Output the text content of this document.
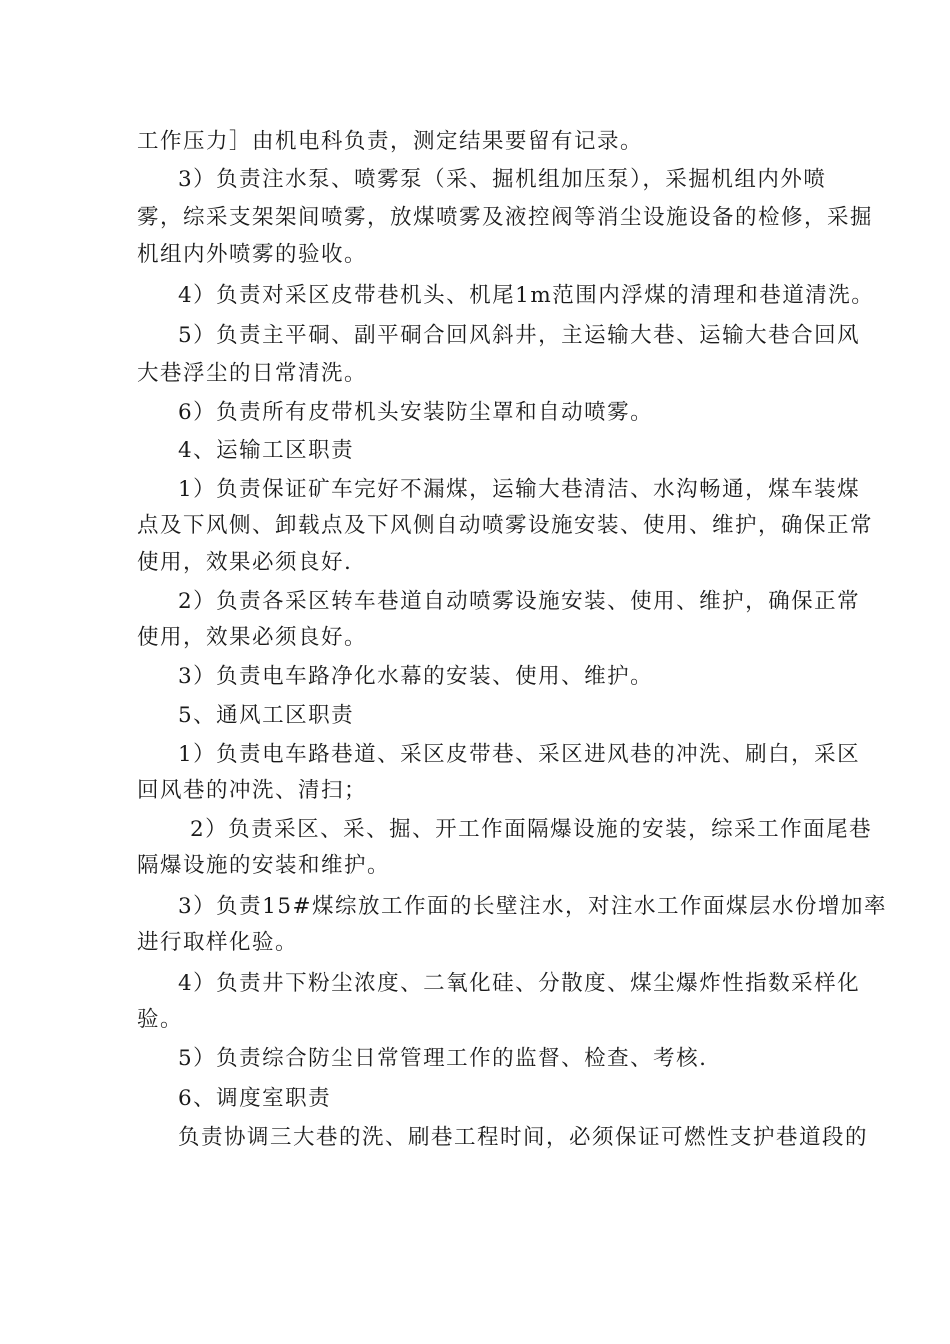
工作压力］由机电科负责，测定结果要留有记录。
3）负责注水泵、喷雾泵（采、掘机组加压泵），采掘机组内外喷
雾，综采支架架间喷雾，放煤喷雾及液控阀等消尘设施设备的检修，采掘
机组内外喷雾的验收。
4）负责对采区皮带巷机头、机尾1m范围内浮煤的清理和巷道清洗。
5）负责主平硐、副平硐合回风斜井，主运输大巷、运输大巷合回风
大巷浮尘的日常清洗。
6）负责所有皮带机头安装防尘罩和自动喷雾。
4、运输工区职责
1）负责保证矿车完好不漏煤，运输大巷清洁、水沟畅通，煤车装煤
点及下风侧、卸载点及下风侧自动喷雾设施安装、使用、维护，确保正常
使用，效果必须良好.
2）负责各采区转车巷道自动喷雾设施安装、使用、维护，确保正常
使用，效果必须良好。
3）负责电车路净化水幕的安装、使用、维护。
5、通风工区职责
1）负责电车路巷道、采区皮带巷、采区进风巷的冲洗、刷白，采区
回风巷的冲洗、清扫；
2）负责采区、采、掘、开工作面隔爆设施的安装，综采工作面尾巷
隔爆设施的安装和维护。
3）负责15#煤综放工作面的长壁注水，对注水工作面煤层水份增加率
进行取样化验。
4）负责井下粉尘浓度、二氧化硅、分散度、煤尘爆炸性指数采样化
验。
5）负责综合防尘日常管理工作的监督、检查、考核.
6、调度室职责
负责协调三大巷的洗、刷巷工程时间，必须保证可燃性支护巷道段的
